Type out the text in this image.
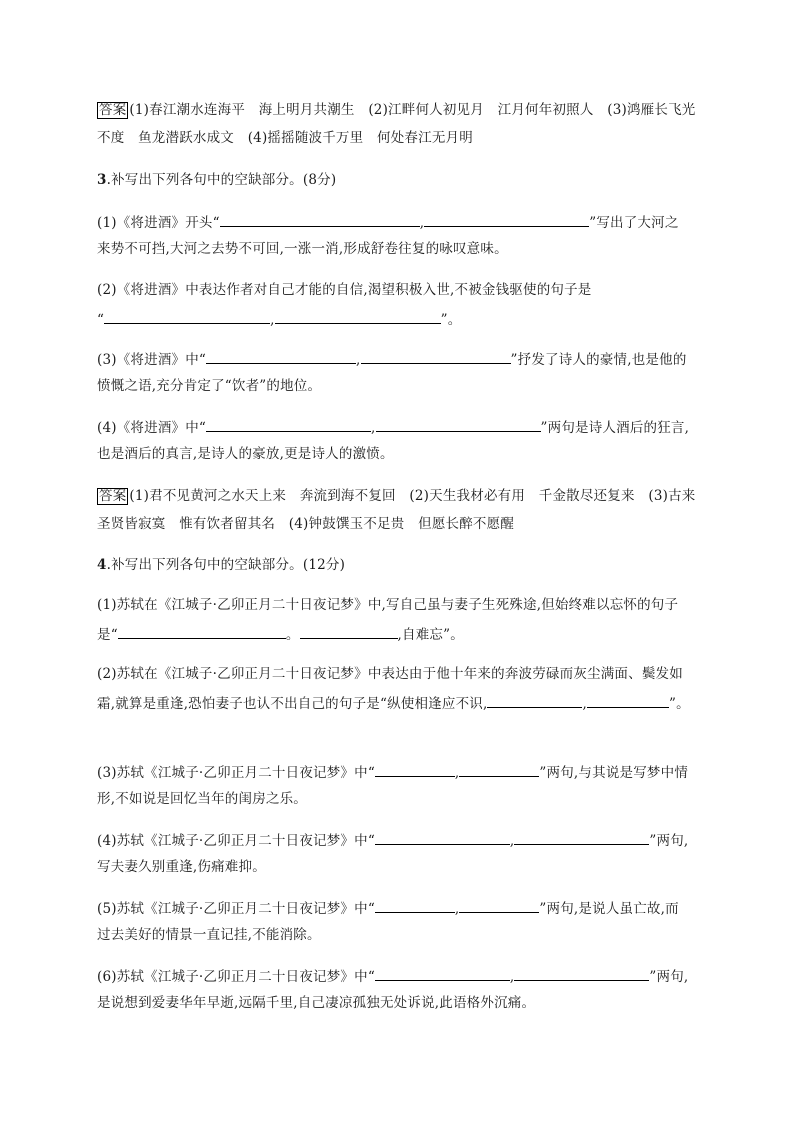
答案 (1)春江潮水连海平　海上明月共潮生　(2)江畔何人初见月　江月何年初照人　(3)鸿雁长飞光
不度　鱼龙潜跃水成文　(4)摇摇随波千万里　何处春江无月明
3.补写出下列各句中的空缺部分。(8分)
(1)《将进酒》开头“	,	”写出了大河之
来势不可挡,大河之去势不可回,一涨一消,形成舒卷往复的咏叹意味。
(2)《将进酒》中表达作者对自己才能的自信,渴望积极入世,不被金钱驱使的句子是
“	,	”。
(3)《将进酒》中“	,	”抒发了诗人的豪情,也是他的
愤慨之语,充分肯定了“饮者”的地位。
(4)《将进酒》中“	,	”两句是诗人酒后的狂言,
也是酒后的真言,是诗人的豪放,更是诗人的激愤。
答案 (1)君不见黄河之水天上来　奔流到海不复回　(2)天生我材必有用　千金散尽还复来　(3)古来
圣贤皆寂寞　惟有饮者留其名　(4)钟鼓馔玉不足贵　但愿长醉不愿醒
4.补写出下列各句中的空缺部分。(12分)
(1)苏轼在《江城子·乙卯正月二十日夜记梦》中,写自己虽与妻子生死殊途,但始终难以忘怀的句子
是“	。	,自难忘”。
(2)苏轼在《江城子·乙卯正月二十日夜记梦》中表达由于他十年来的奔波劳碌而灰尘满面、鬓发如
霜,就算是重逢,恐怕妻子也认不出自己的句子是“纵使相逢应不识,	,	”。
(3)苏轼《江城子·乙卯正月二十日夜记梦》中“	,	”两句,与其说是写梦中情
形,不如说是回忆当年的闺房之乐。
(4)苏轼《江城子·乙卯正月二十日夜记梦》中“	,	”两句,
写夫妻久别重逢,伤痛难抑。
(5)苏轼《江城子·乙卯正月二十日夜记梦》中“	,	”两句,是说人虽亡故,而
过去美好的情景一直记挂,不能消除。
(6)苏轼《江城子·乙卯正月二十日夜记梦》中“	,	”两句,
是说想到爱妻华年早逝,远隔千里,自己凄凉孤独无处诉说,此语格外沉痛。
